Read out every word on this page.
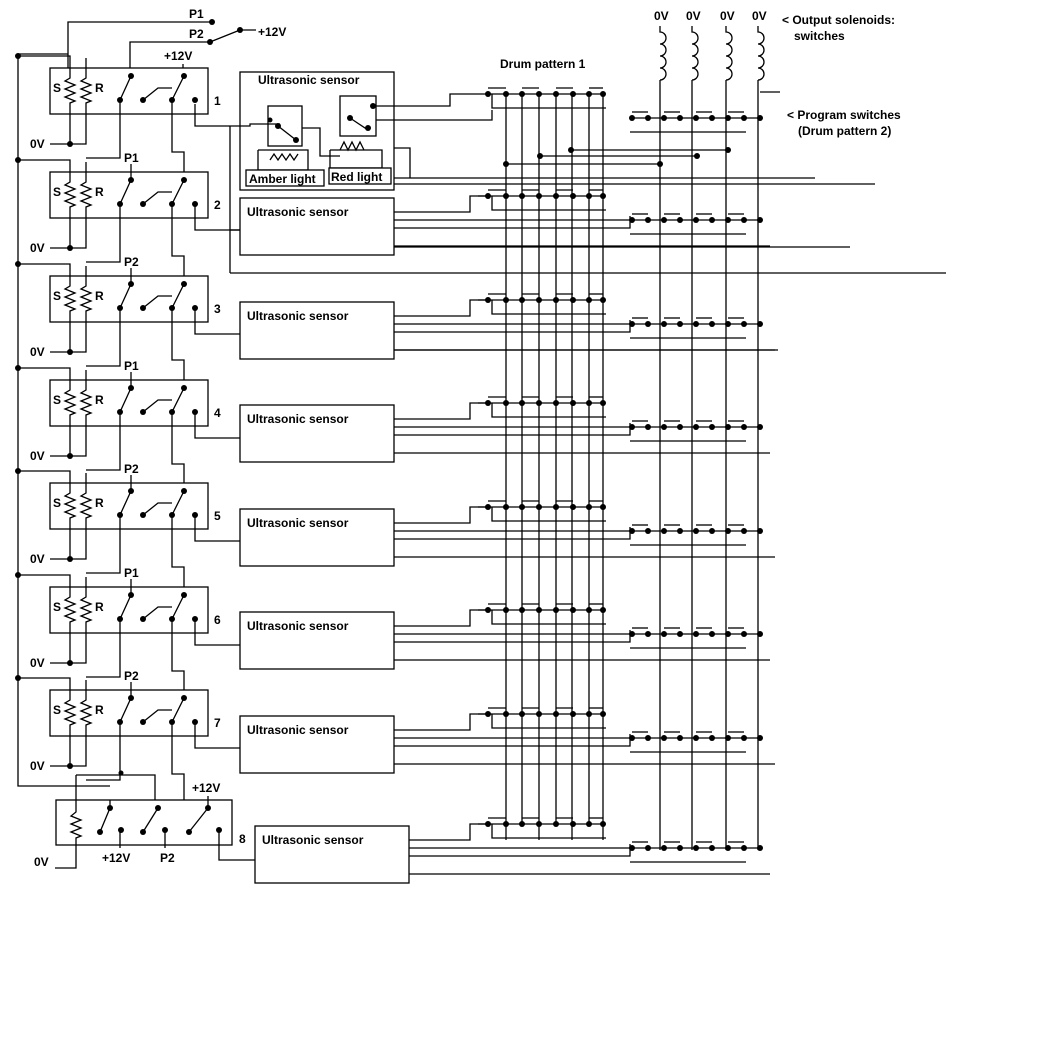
P1
P2	+12V
+12V
S	R
0V
1
S	R
0V
P1
2
S	R
0V
P2
3
S	R
0V
P1
4
S	R
0V
P2
5
S	R
0V
P1
6
S	R
0V
P2
7
0V
+12V
+12V P2
8
Ultrasonic sensor
Amber light Red light
Ultrasonic sensor
Ultrasonic sensor
Ultrasonic sensor
Ultrasonic sensor
Ultrasonic sensor
Ultrasonic sensor
Ultrasonic sensor
Drum pattern 1
< Program switches
(Drum pattern 2)
< Output solenoids:
switches
0V 0V 0V 0V
